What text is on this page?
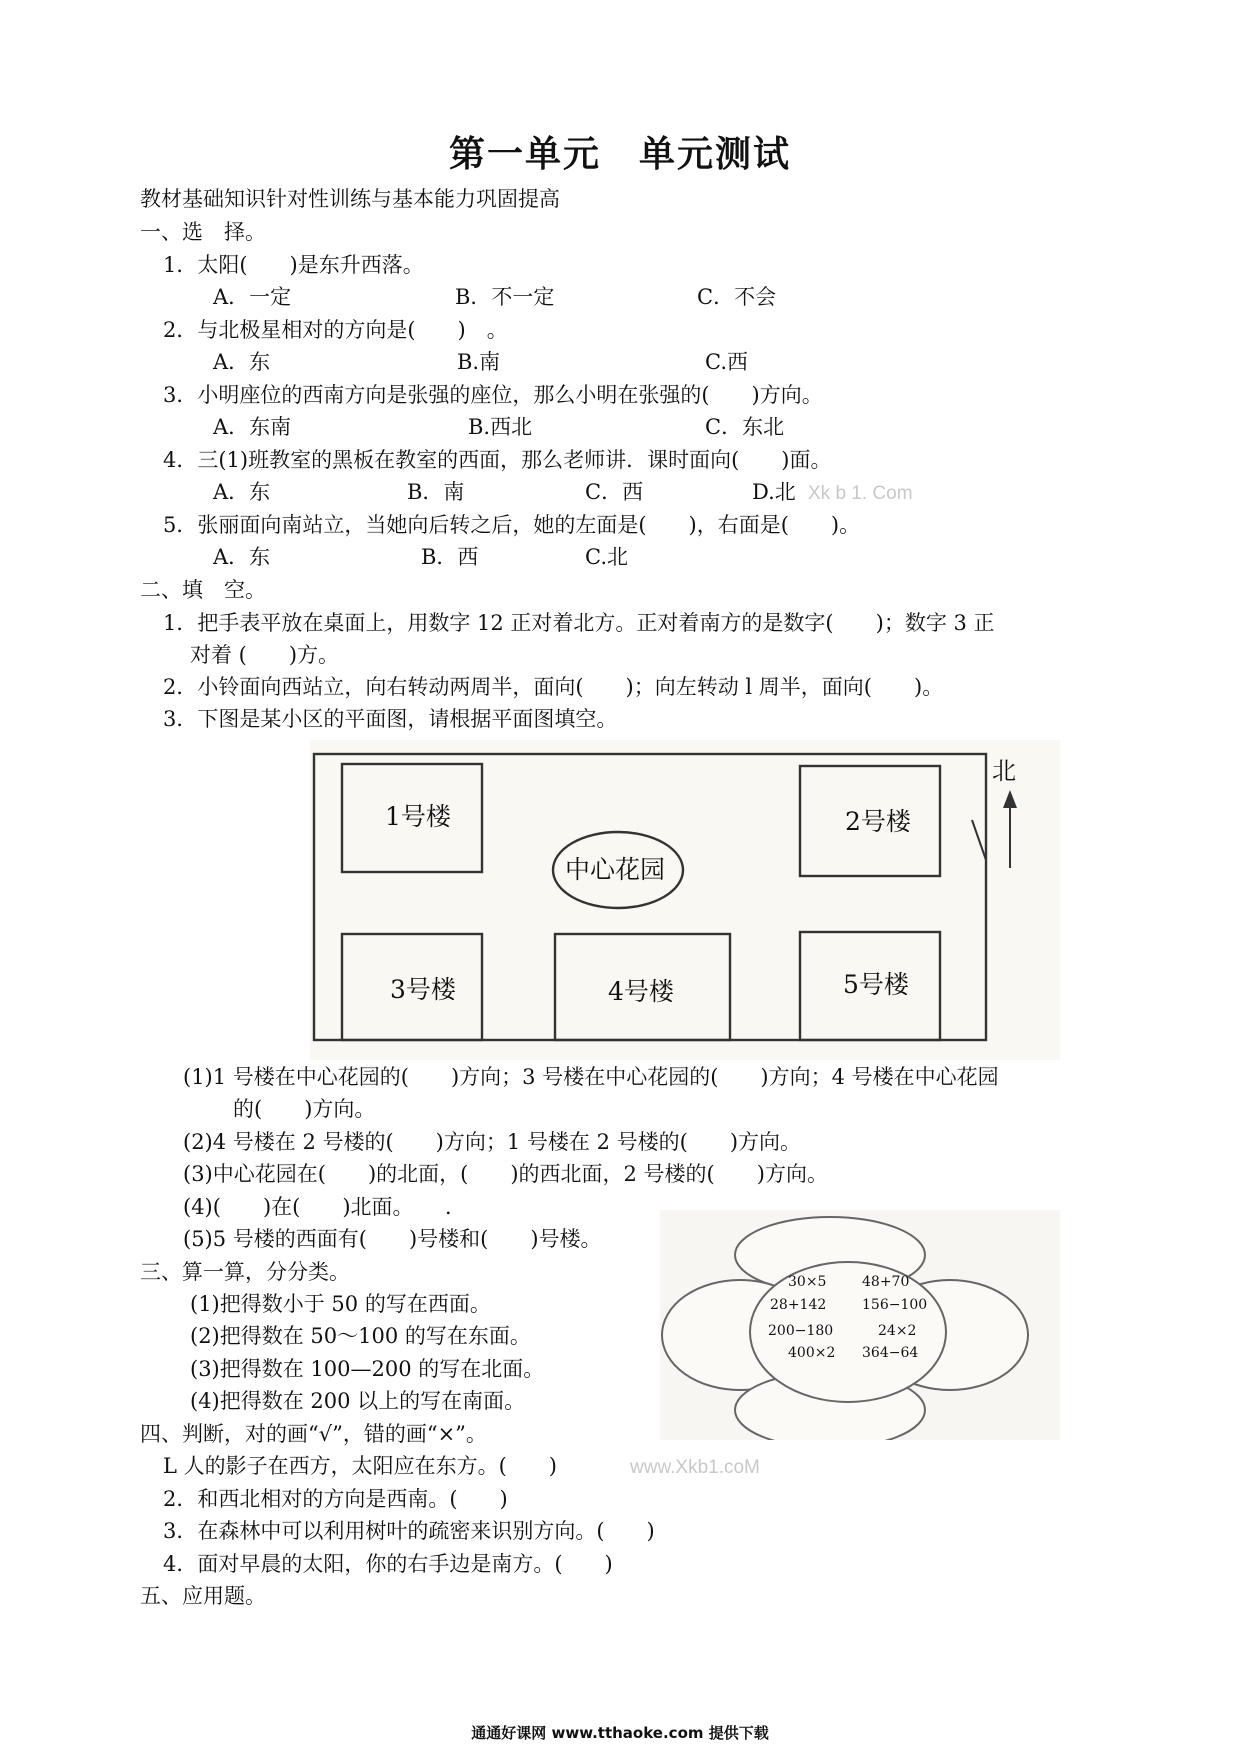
第一单元　单元测试
教材基础知识针对性训练与基本能力巩固提高
一、选　择。
1．太阳(　　)是东升西落。
A．一定	B．不一定	C．不会
2．与北极星相对的方向是(　　)　。
A．东	B.南	C.西
3．小明座位的西南方向是张强的座位，那么小明在张强的(　　)方向。
A．东南	B.西北	C．东北
4．三(1)班教室的黑板在教室的西面，那么老师讲．课时面向(　　)面。
A．东	B．南	C．西	D.北 Xk b 1. Com
5．张丽面向南站立，当她向后转之后，她的左面是(　　)，右面是(　　)。
A．东	B．西	C.北
二、填　空。
1．把手表平放在桌面上，用数字 12 正对着北方。正对着南方的是数字(　　)；数字 3 正
对着 (　　)方。
2．小铃面向西站立，向右转动两周半，面向(　　)；向左转动 l 周半，面向(　　)。
3．下图是某小区的平面图，请根据平面图填空。
北
中心花园
1号楼	2号楼
3号楼	4号楼	5号楼
(1)1 号楼在中心花园的(　　)方向；3 号楼在中心花园的(　　)方向；4 号楼在中心花园
的(　　)方向。
(2)4 号楼在 2 号楼的(　　)方向；1 号楼在 2 号楼的(　　)方向。
(3)中心花园在(　　)的北面，(　　)的西北面，2 号楼的(　　)方向。
(4)(　　)在(　　)北面。　　．
(5)5 号楼的西面有(　　)号楼和(　　)号楼。
三、算一算，分分类。
(1)把得数小于 50 的写在西面。
(2)把得数在 50～100 的写在东面。
(3)把得数在 100—200 的写在北面。
(4)把得数在 200 以上的写在南面。
30×5	48+70
28+142	156−100
200−180	24×2
400×2 364−64
四、判断，对的画“√”，错的画“×”。
L 人的影子在西方，太阳应在东方。(　　)	www.Xkb1.coM
2．和西北相对的方向是西南。(　　)
3．在森林中可以利用树叶的疏密来识别方向。(　　)
4．面对早晨的太阳，你的右手边是南方。(　　)
五、应用题。
通通好课网 www.tthaoke.com 提供下载
